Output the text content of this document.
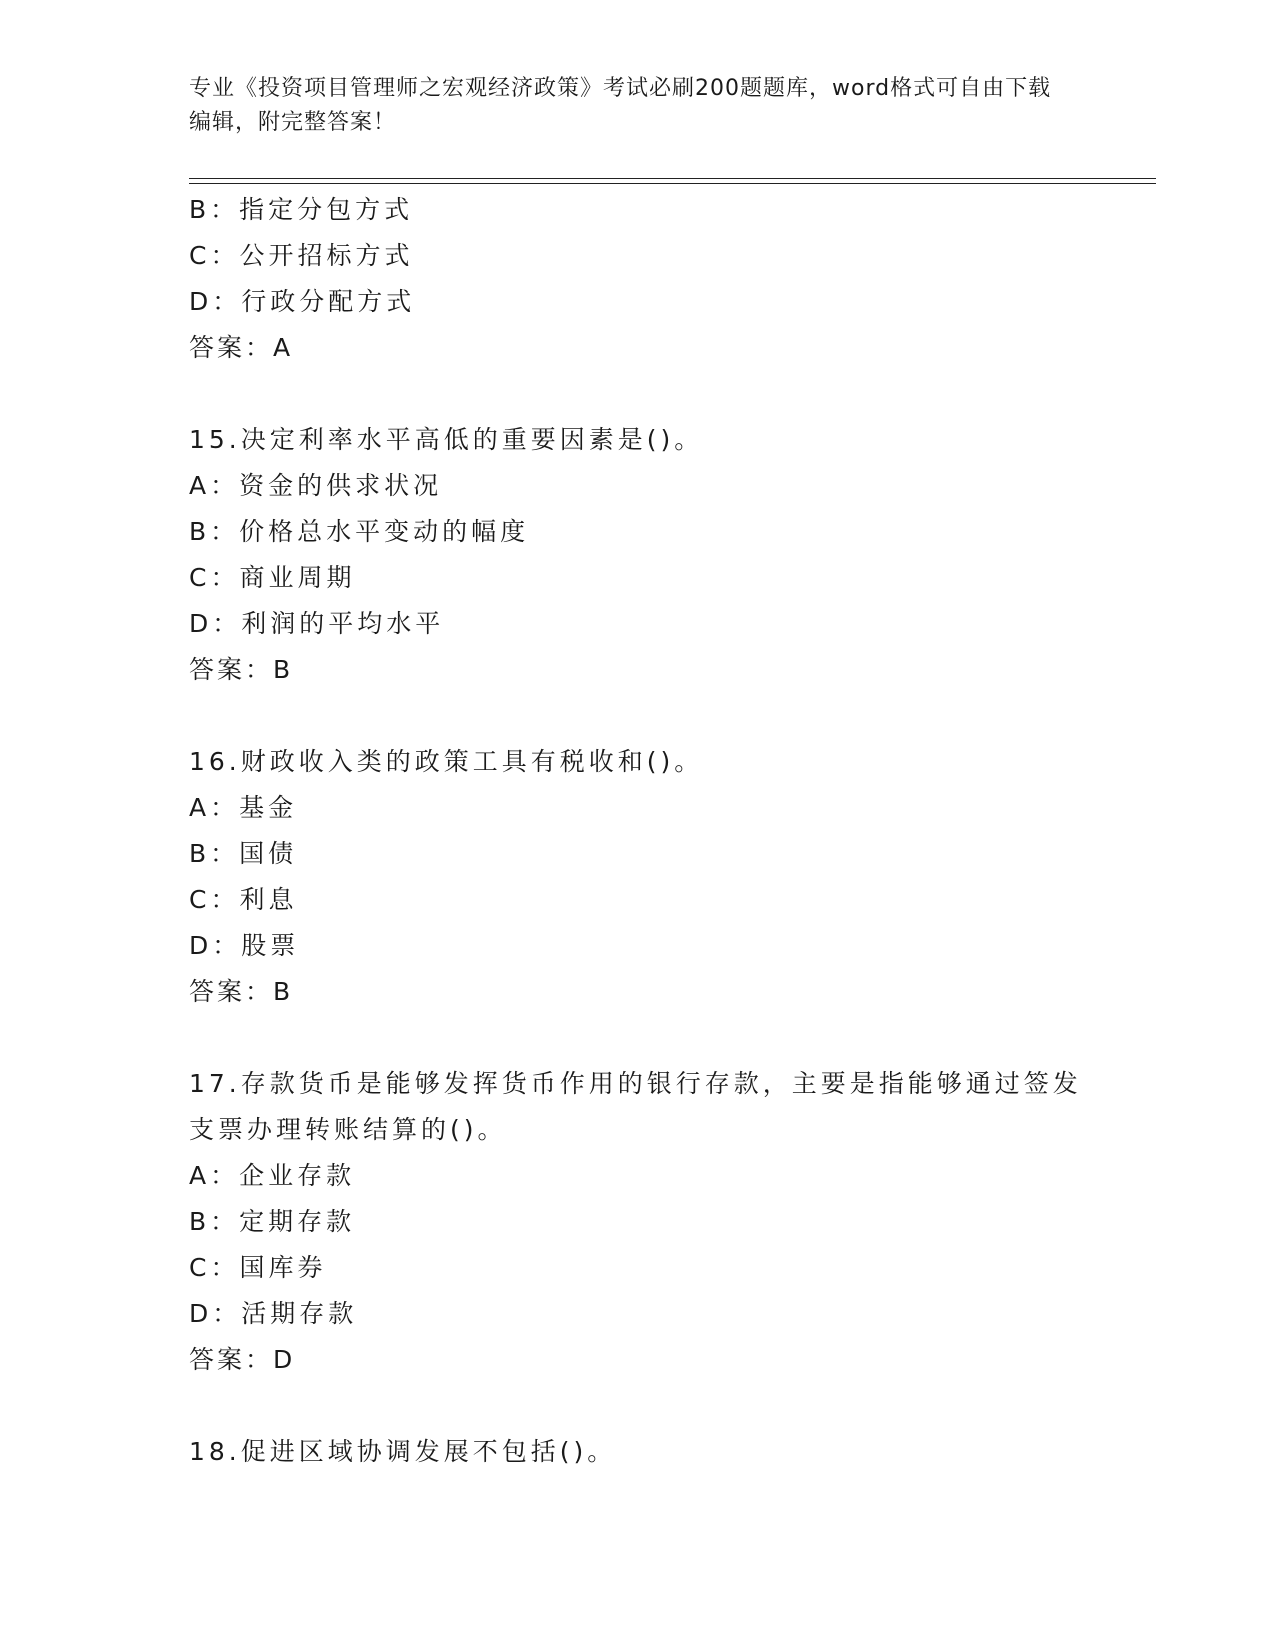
专业《投资项目管理师之宏观经济政策》考试必刷200题题库，word格式可自由下载编辑，附完整答案！

B：指定分包方式

C：公开招标方式

D：行政分配方式

答案：A

15.决定利率水平高低的重要因素是()。

A：资金的供求状况

B：价格总水平变动的幅度

C：商业周期

D：利润的平均水平

答案：B

16.财政收入类的政策工具有税收和()。

A：基金

B：国债

C：利息

D：股票

答案：B

17.存款货币是能够发挥货币作用的银行存款，主要是指能够通过签发支票办理转账结算的()。

A：企业存款

B：定期存款

C：国库券

D：活期存款

答案：D

18.促进区域协调发展不包括()。
